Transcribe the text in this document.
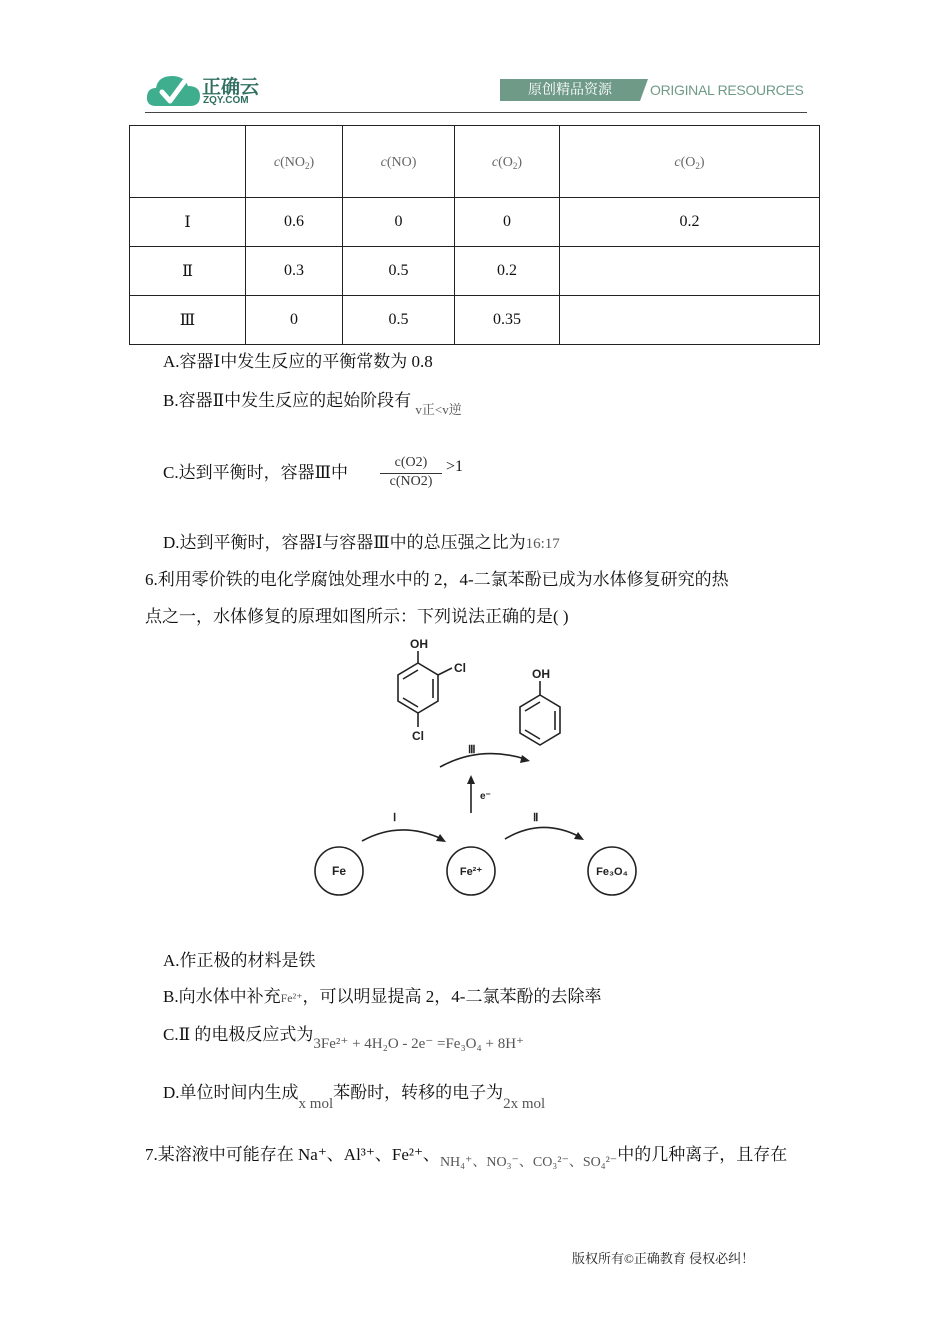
正确云
ZQY.COM
原创精品资源	ORIGINAL RESOURCES
	$c(NO_2)$	c(NO)	$c(O_2)$	$c(O_2)$
Ⅰ	0.6	0	0	0.2
Ⅱ	0.3	0.5	0.2	
Ⅲ	0	0.5	0.35	
A.容器Ⅰ中发生反应的平衡常数为 0.8
B.容器Ⅱ中发生反应的起始阶段有 $_{v正<v逆}$
C.达到平衡时，容器Ⅲ中 $\frac{c(O2)}{c(NO2)} >1$
D.达到平衡时，容器Ⅰ与容器Ⅲ中的总压强之比为16:17
6.利用零价铁的电化学腐蚀处理水中的 2，4-二氯苯酚已成为水体修复研究的热
点之一，水体修复的原理如图所示：下列说法正确的是( )
OH
Cl
Cl
OH
Ⅲ
e⁻
Ⅰ	Ⅱ
Fe	Fe²⁺	Fe₃O₄
A.作正极的材料是铁
B.向水体中补充Fe²⁺，可以明显提高 2，4-二氯苯酚的去除率
C.Ⅱ 的电极反应式为3Fe²⁺ + 4H₂O - 2e⁻ =Fe₃O₄ + 8H⁺
D.单位时间内生成x mol苯酚时，转移的电子为2x mol
7.某溶液中可能存在 Na⁺、Al³⁺、Fe²⁺、$_{NH_4^+、NO_3^-、CO_3^{2-}、SO_4^{2-}}$中的几种离子，且存在
版权所有©正确教育 侵权必纠！
